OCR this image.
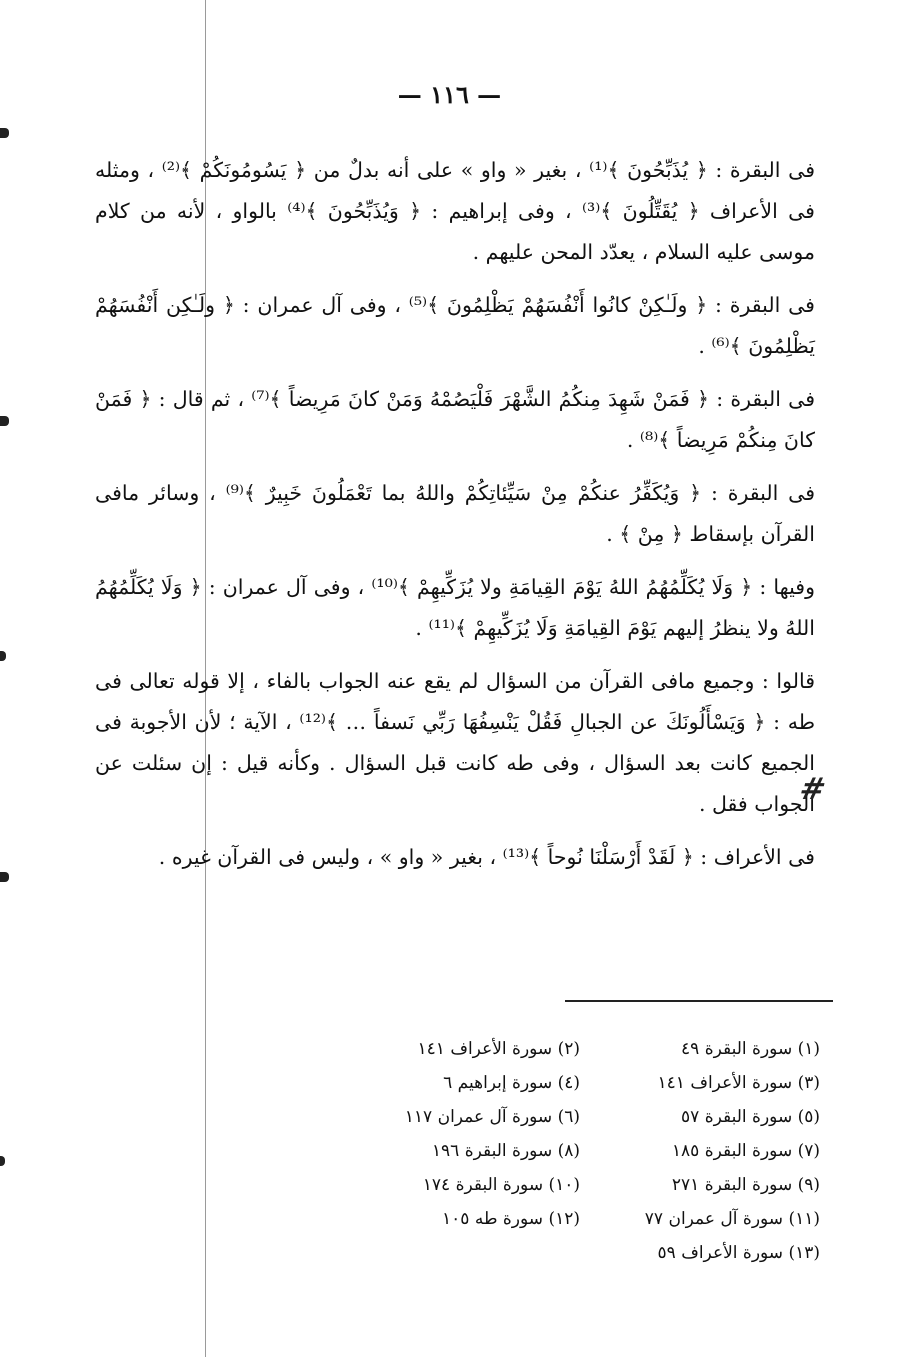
— ١١٦ —

فى البقرة : ﴿ يُذَبِّحُونَ ﴾⁽¹⁾ ، بغير « واو » على أنه بدلٌ من ﴿ يَسُومُونَكُمْ ﴾⁽²⁾ ، ومثله فى الأعراف ﴿ يُقَتِّلُونَ ﴾⁽³⁾ ، وفى إبراهيم : ﴿ وَيُذَبِّحُونَ ﴾⁽⁴⁾ بالواو ، لأنه من كلام موسى عليه السلام ، يعدّد المحن عليهم .

فى البقرة : ﴿ ولَـٰكِنْ كانُوا أَنْفُسَهُمْ يَظْلِمُونَ ﴾⁽⁵⁾ ، وفى آل عمران : ﴿ ولَـٰكِن أَنْفُسَهُمْ يَظْلِمُونَ ﴾⁽⁶⁾ .

فى البقرة : ﴿ فَمَنْ شَهِدَ مِنكُمُ الشَّهْرَ فَلْيَصُمْهُ وَمَنْ كانَ مَرِيضاً ﴾⁽⁷⁾ ، ثم قال : ﴿ فَمَنْ كانَ مِنكُمْ مَرِيضاً ﴾⁽⁸⁾ .

فى البقرة : ﴿ وَيُكَفِّرُ عنكُمْ مِنْ سَيِّئاتِكُمْ واللهُ بما تَعْمَلُونَ خَبِيرٌ ﴾⁽⁹⁾ ، وسائر مافى القرآن بإسقاط ﴿ مِنْ ﴾ .

وفيها : ﴿ وَلَا يُكَلِّمُهُمُ اللهُ يَوْمَ القِيامَةِ ولا يُزَكِّيهِمْ ﴾⁽¹⁰⁾ ، وفى آل عمران : ﴿ وَلَا يُكَلِّمُهُمُ اللهُ ولا ينظرُ إليهم يَوْمَ القِيامَةِ وَلَا يُزَكِّيهِمْ ﴾⁽¹¹⁾ .

قالوا : وجميع مافى القرآن من السؤال لم يقع عنه الجواب بالفاء ، إلا قوله تعالى فى طه : ﴿ وَيَسْأَلُونَكَ عن الجبالِ فَقُلْ يَنْسِفُهَا رَبِّي نَسفاً … ﴾⁽¹²⁾ ، الآية ؛ لأن الأجوبة فى الجميع كانت بعد السؤال ، وفى طه كانت قبل السؤال . وكأنه قيل : إن سئلت عن الجواب فقل .

فى الأعراف : ﴿ لَقَدْ أَرْسَلْنَا نُوحاً ﴾⁽¹³⁾ ، بغير « واو » ، وليس فى القرآن غيره .

#
(١) سورة البقرة ٤٩
(٢) سورة الأعراف ١٤١
(٣) سورة الأعراف ١٤١
(٤) سورة إبراهيم ٦
(٥) سورة البقرة ٥٧
(٦) سورة آل عمران ١١٧
(٧) سورة البقرة ١٨٥
(٨) سورة البقرة ١٩٦
(٩) سورة البقرة ٢٧١
(١٠) سورة البقرة ١٧٤
(١١) سورة آل عمران ٧٧
(١٢) سورة طه ١٠٥
(١٣) سورة الأعراف ٥٩
